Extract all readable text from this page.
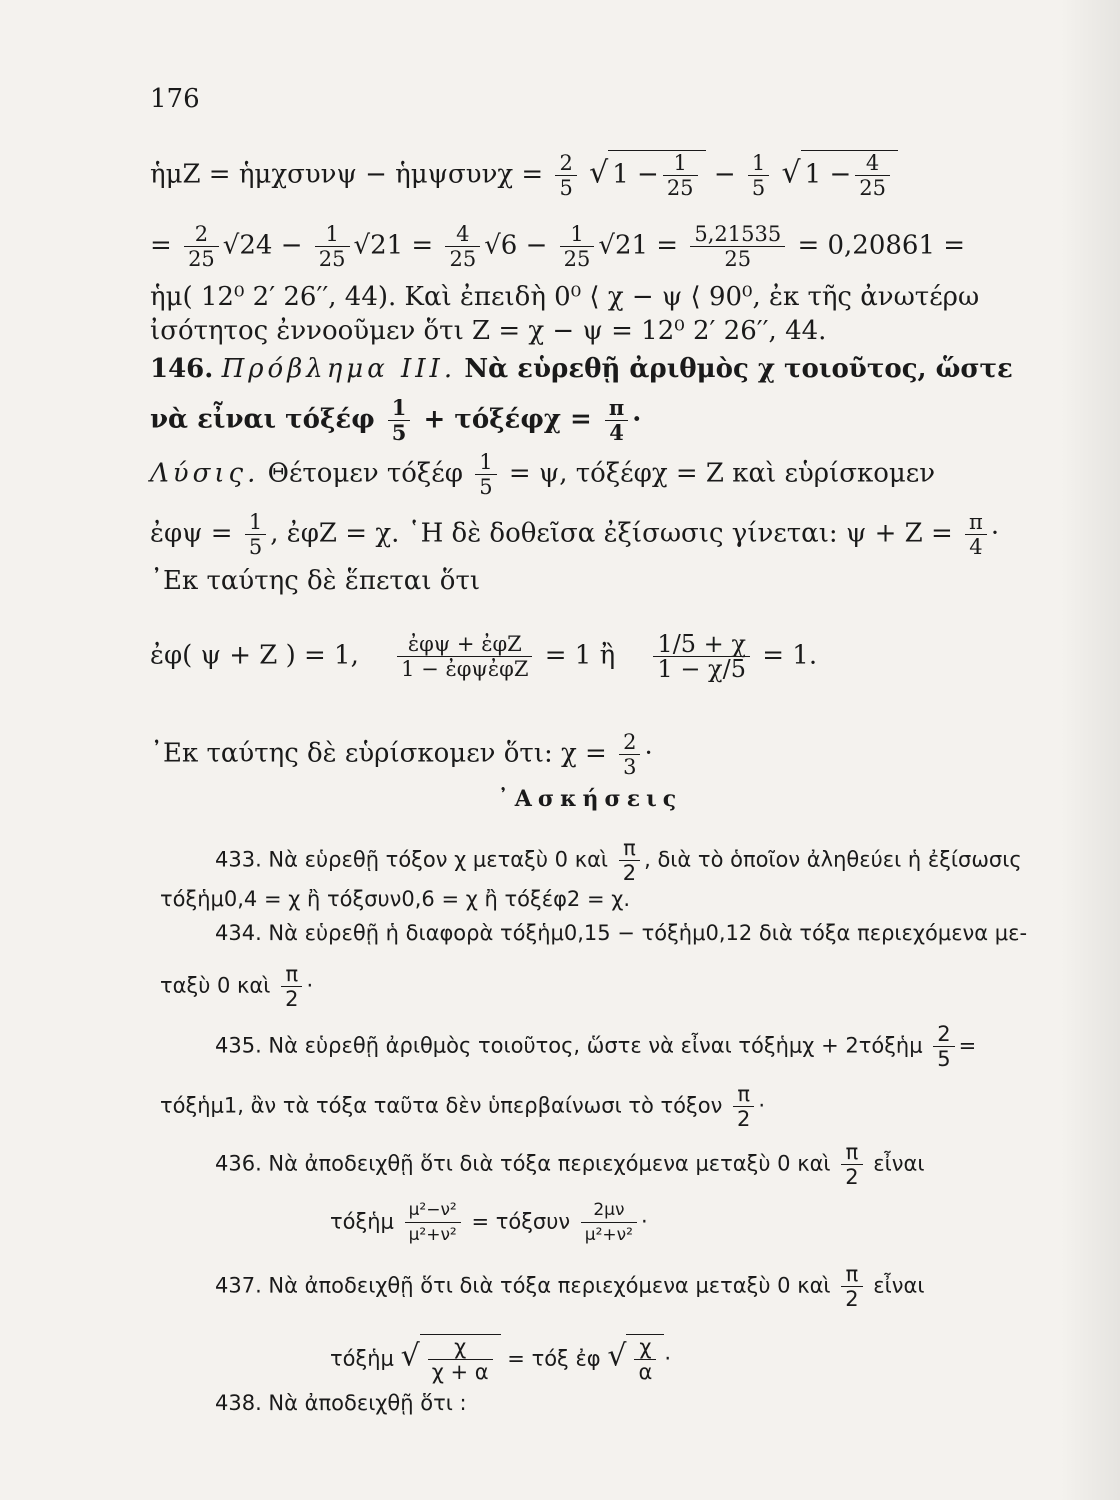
176
ἡμZ = ἡμχσυνψ − ἡμψσυνχ = $\frac{2}{5}$ √ $1 - \frac{1}{25} - \frac{1}{5}$ √ $1 - \frac{4}{25}$
= $\frac{2}{25} √24 - \frac{1}{25} √21 = \frac{4}{25} √6 - \frac{1}{25} √21 = \frac{5,21535}{25} = 0,20861$ =
ἡμ( 12⁰ 2′ 26′′, 44). Καὶ ἐπειδὴ 0⁰ ⟨ χ − ψ ⟨ 90⁰, ἐκ τῆς ἀνωτέρω
ἰσότητος ἐννοοῦμεν ὅτι Z = χ − ψ = 12⁰ 2′ 26′′, 44.
146. Πρόβλημα III. Νὰ εὑρεθῇ ἀριθμὸς χ τοιοῦτος, ὥστε
νὰ εἶναι τόξέφ $\frac{1}{5} + \tau ό\xi έ\varphi\chi = \frac{\pi}{4}$ ·
Λύσις. Θέτομεν τόξέφ $\frac{1}{5} = \psi$, τόξέφχ = Z καὶ εὑρίσκομεν
ἐφψ = $\frac{1}{5}$ , ἐφZ = χ. ῾Η δὲ δοθεῖσα ἐξίσωσις γίνεται: $\psi + Z = \frac{\pi}{4}$ ·
᾿Εκ ταύτης δὲ ἕπεται ὅτι
ἐφ( ψ + Z ) = 1, $\frac{\text{ἐφψ + ἐφZ}}{\text{1 − ἐφψἐφZ}} = 1$ ἢ $\frac{1/5 + \chi}{1 - \chi/5} = 1$.
᾿Εκ ταύτης δὲ εὑρίσκομεν ὅτι: $\chi = \frac{2}{3}$ ·
᾿Ασκήσεις
433. Νὰ εὑρεθῇ τόξον χ μεταξὺ 0 καὶ $\frac{\pi}{2}$ , διὰ τὸ ὁποῖον ἀληθεύει ἡ ἐξίσωσις
τόξἡμ0,4 = χ ἢ τόξσυν0,6 = χ ἢ τόξέφ2 = χ.
434. Νὰ εὑρεθῇ ἡ διαφορὰ τόξἡμ0,15 − τόξἡμ0,12 διὰ τόξα περιεχόμενα με-
ταξὺ 0 καὶ $\frac{\pi}{2}$ ·
435. Νὰ εὑρεθῇ ἀριθμὸς τοιοῦτος, ὥστε νὰ εἶναι τόξἡμχ + 2τόξἡμ $\frac{2}{5}$ =
τόξἡμ1, ἂν τὰ τόξα ταῦτα δὲν ὑπερβαίνωσι τὸ τόξον $\frac{\pi}{2}$ ·
436. Νὰ ἀποδειχθῇ ὅτι διὰ τόξα περιεχόμενα μεταξὺ 0 καὶ $\frac{\pi}{2}$ εἶναι
τόξἡμ $\frac{\text{μ²−ν²}}{\text{μ²+ν²}} = \tau ό\xi\sigma\upsilon\nu \frac{2\mu\nu}{\text{μ²+ν²}}$ ·
437. Νὰ ἀποδειχθῇ ὅτι διὰ τόξα περιεχόμενα μεταξὺ 0 καὶ $\frac{\pi}{2}$ εἶναι
τόξἡμ √ $\frac{\chi}{\chi + \alpha} = \tau ό\xi$ ἐφ √ $\frac{\chi}{\alpha}$ ·
438. Νὰ ἀποδειχθῇ ὅτι :
